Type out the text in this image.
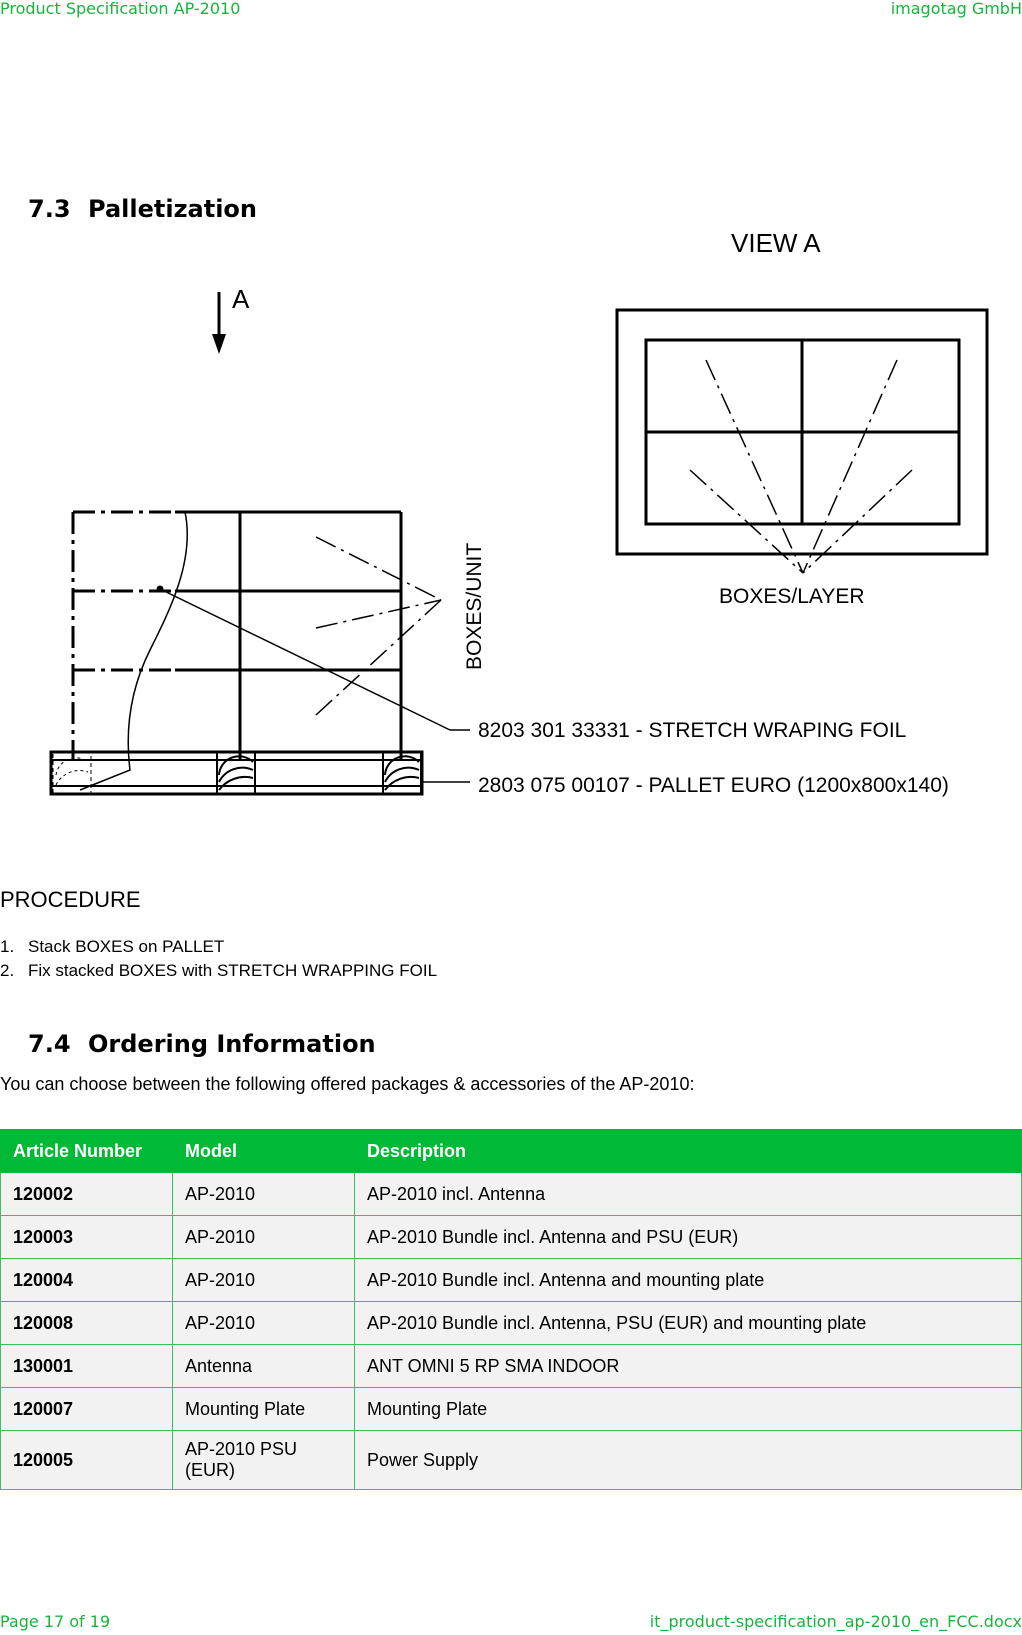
Product Specification AP-2010	imagotag GmbH
7.3 Palletization
VIEW A
A
BOXES/LAYER
BOXES/UNIT
8203 301 33331 - STRETCH WRAPING FOIL
2803 075 00107 - PALLET EURO (1200x800x140)
PROCEDURE
1. Stack BOXES on PALLET
2. Fix stacked BOXES with STRETCH WRAPPING FOIL
7.4 Ordering Information
You can choose between the following offered packages & accessories of the AP-2010:
Article Number	Model	Description
120002	AP-2010	AP-2010 incl. Antenna
120003	AP-2010	AP-2010 Bundle incl. Antenna and PSU (EUR)
120004	AP-2010	AP-2010 Bundle incl. Antenna and mounting plate
120008	AP-2010	AP-2010 Bundle incl. Antenna, PSU (EUR) and mounting plate
130001	Antenna	ANT OMNI 5 RP SMA INDOOR
120007	Mounting Plate	Mounting Plate
120005	AP-2010 PSU (EUR)	Power Supply
Page 17 of 19	it_product-specification_ap-2010_en_FCC.docx
